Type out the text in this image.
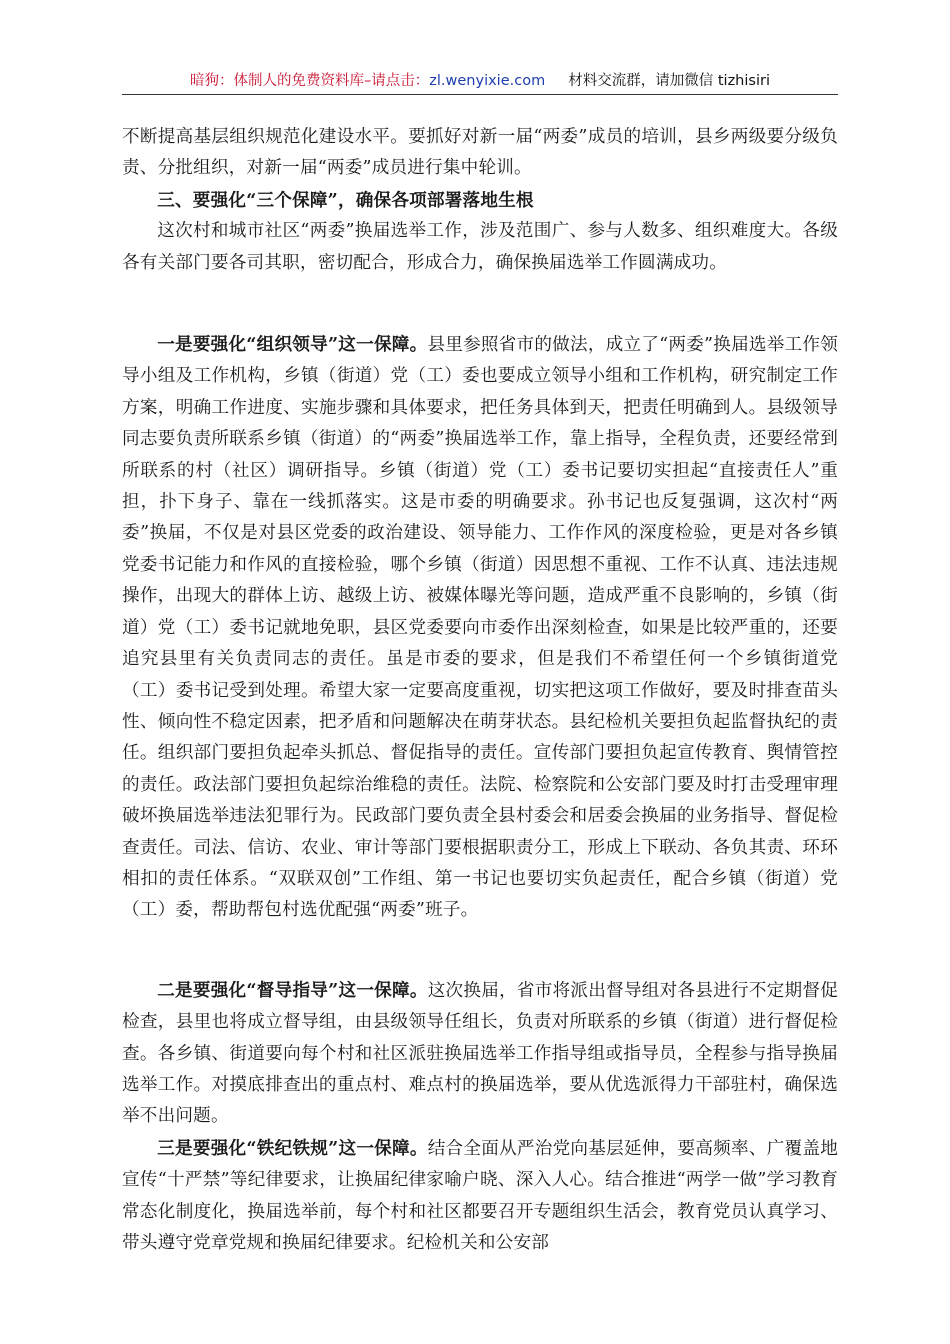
暗狗：体制人的免费资料库–请点击：zl.wenyixie.com 材料交流群，请加微信 tizhisiri

不断提高基层组织规范化建设水平。要抓好对新一届“两委”成员的培训，县乡两级要分级负责、分批组织，对新一届“两委”成员进行集中轮训。

三、要强化“三个保障”，确保各项部署落地生根

这次村和城市社区“两委”换届选举工作，涉及范围广、参与人数多、组织难度大。各级各有关部门要各司其职，密切配合，形成合力，确保换届选举工作圆满成功。

一是要强化“组织领导”这一保障。县里参照省市的做法，成立了“两委”换届选举工作领导小组及工作机构，乡镇（街道）党（工）委也要成立领导小组和工作机构，研究制定工作方案，明确工作进度、实施步骤和具体要求，把任务具体到天，把责任明确到人。县级领导同志要负责所联系乡镇（街道）的“两委”换届选举工作，靠上指导，全程负责，还要经常到所联系的村（社区）调研指导。乡镇（街道）党（工）委书记要切实担起“直接责任人”重担，扑下身子、靠在一线抓落实。这是市委的明确要求。孙书记也反复强调，这次村“两委”换届，不仅是对县区党委的政治建设、领导能力、工作作风的深度检验，更是对各乡镇党委书记能力和作风的直接检验，哪个乡镇（街道）因思想不重视、工作不认真、违法违规操作，出现大的群体上访、越级上访、被媒体曝光等问题，造成严重不良影响的，乡镇（街道）党（工）委书记就地免职，县区党委要向市委作出深刻检查，如果是比较严重的，还要追究县里有关负责同志的责任。虽是市委的要求，但是我们不希望任何一个乡镇街道党（工）委书记受到处理。希望大家一定要高度重视，切实把这项工作做好，要及时排查苗头性、倾向性不稳定因素，把矛盾和问题解决在萌芽状态。县纪检机关要担负起监督执纪的责任。组织部门要担负起牵头抓总、督促指导的责任。宣传部门要担负起宣传教育、舆情管控的责任。政法部门要担负起综治维稳的责任。法院、检察院和公安部门要及时打击受理审理破坏换届选举违法犯罪行为。民政部门要负责全县村委会和居委会换届的业务指导、督促检查责任。司法、信访、农业、审计等部门要根据职责分工，形成上下联动、各负其责、环环相扣的责任体系。“双联双创”工作组、第一书记也要切实负起责任，配合乡镇（街道）党（工）委，帮助帮包村选优配强“两委”班子。

二是要强化“督导指导”这一保障。这次换届，省市将派出督导组对各县进行不定期督促检查，县里也将成立督导组，由县级领导任组长，负责对所联系的乡镇（街道）进行督促检查。各乡镇、街道要向每个村和社区派驻换届选举工作指导组或指导员，全程参与指导换届选举工作。对摸底排查出的重点村、难点村的换届选举，要从优选派得力干部驻村，确保选举不出问题。

三是要强化“铁纪铁规”这一保障。结合全面从严治党向基层延伸，要高频率、广覆盖地宣传“十严禁”等纪律要求，让换届纪律家喻户晓、深入人心。结合推进“两学一做”学习教育常态化制度化，换届选举前，每个村和社区都要召开专题组织生活会，教育党员认真学习、带头遵守党章党规和换届纪律要求。纪检机关和公安部
